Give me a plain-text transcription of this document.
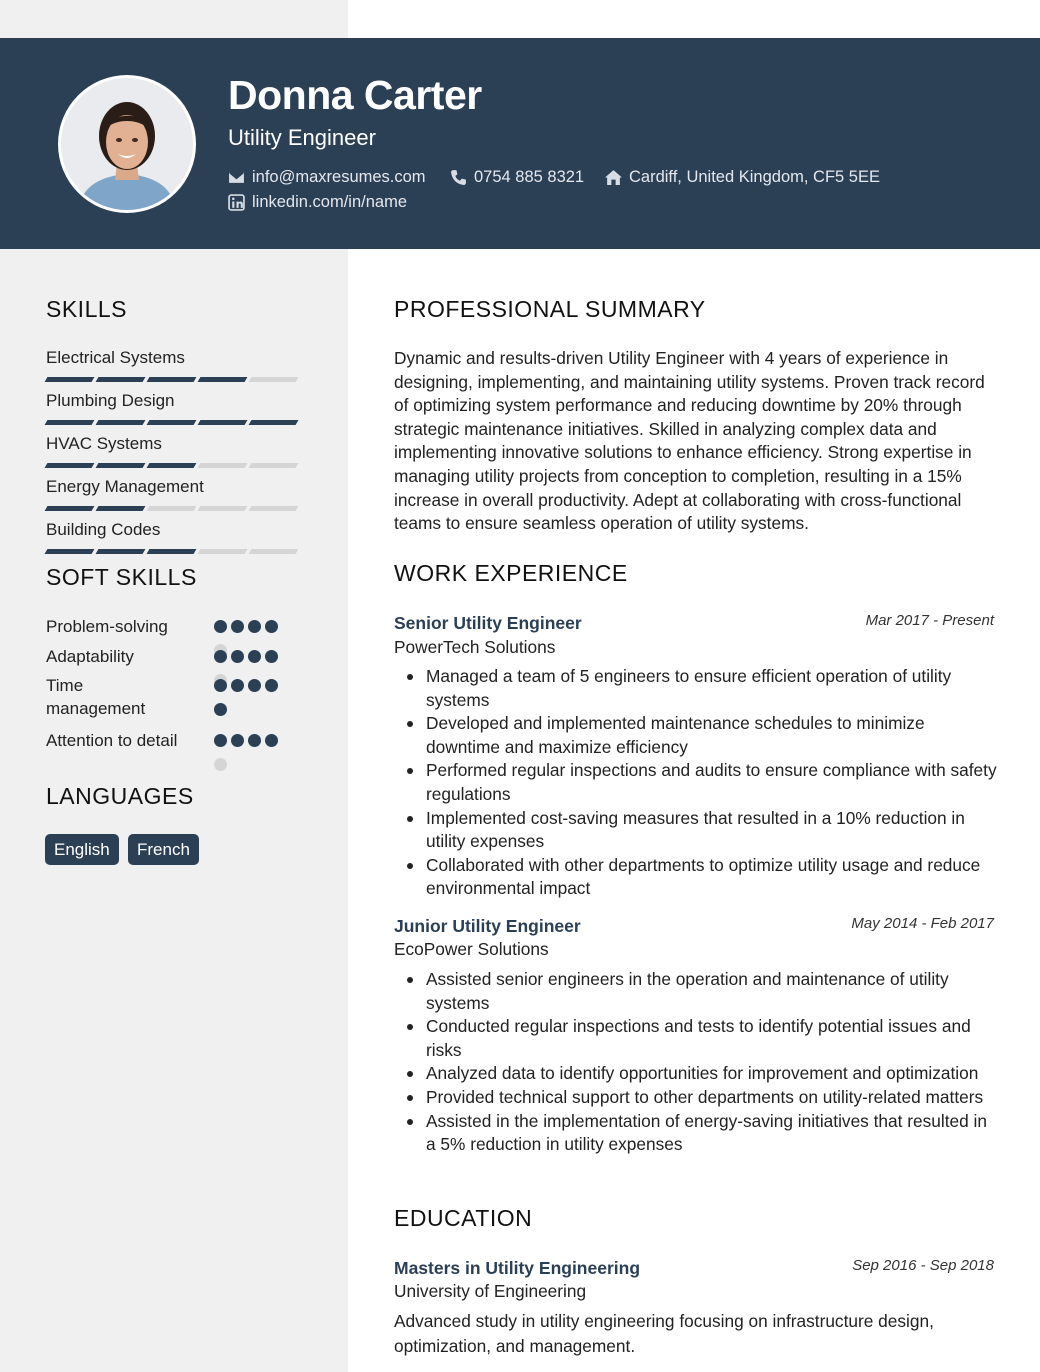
Donna Carter
Utility Engineer
info@maxresumes.com	0754 885 8321	Cardiff, United Kingdom, CF5 5EE
linkedin.com/in/name
SKILLS
Electrical Systems
Plumbing Design
HVAC Systems
Energy Management
Building Codes
SOFT SKILLS
Problem-solving
Adaptability
Time management
Attention to detail
LANGUAGES
English	French
PROFESSIONAL SUMMARY
Dynamic and results-driven Utility Engineer with 4 years of experience in designing, implementing, and maintaining utility systems. Proven track record of optimizing system performance and reducing downtime by 20% through strategic maintenance initiatives. Skilled in analyzing complex data and implementing innovative solutions to enhance efficiency. Strong expertise in managing utility projects from conception to completion, resulting in a 15% increase in overall productivity. Adept at collaborating with cross-functional teams to ensure seamless operation of utility systems.
WORK EXPERIENCE
Senior Utility Engineer	Mar 2017 - Present
PowerTech Solutions
Managed a team of 5 engineers to ensure efficient operation of utility systems
Developed and implemented maintenance schedules to minimize downtime and maximize efficiency
Performed regular inspections and audits to ensure compliance with safety regulations
Implemented cost-saving measures that resulted in a 10% reduction in utility expenses
Collaborated with other departments to optimize utility usage and reduce environmental impact
Junior Utility Engineer	May 2014 - Feb 2017
EcoPower Solutions
Assisted senior engineers in the operation and maintenance of utility systems
Conducted regular inspections and tests to identify potential issues and risks
Analyzed data to identify opportunities for improvement and optimization
Provided technical support to other departments on utility-related matters
Assisted in the implementation of energy-saving initiatives that resulted in a 5% reduction in utility expenses
EDUCATION
Masters in Utility Engineering	Sep 2016 - Sep 2018
University of Engineering
Advanced study in utility engineering focusing on infrastructure design, optimization, and management.
